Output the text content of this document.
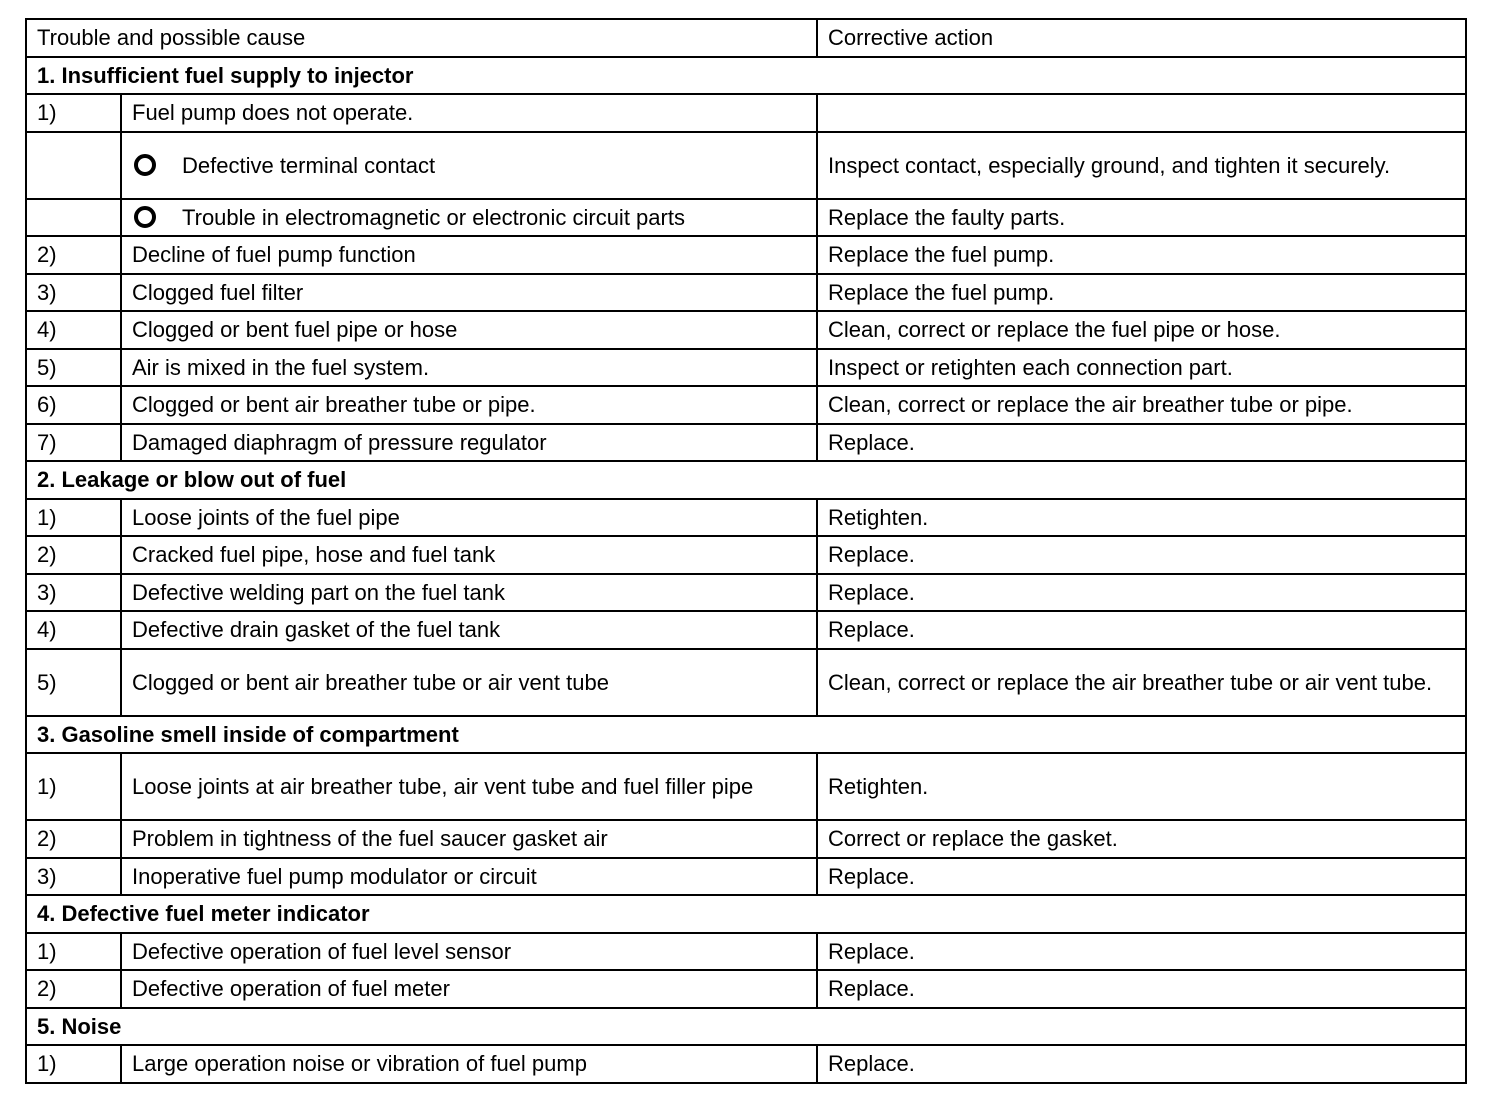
Trouble and possible cause		Corrective action
1. Insufficient fuel supply to injector		
1)	Fuel pump does not operate.	
	Defective terminal contact	Inspect contact, especially ground, and tighten it securely.
	Trouble in electromagnetic or electronic circuit parts	Replace the faulty parts.
2)	Decline of fuel pump function	Replace the fuel pump.
3)	Clogged fuel filter	Replace the fuel pump.
4)	Clogged or bent fuel pipe or hose	Clean, correct or replace the fuel pipe or hose.
5)	Air is mixed in the fuel system.	Inspect or retighten each connection part.
6)	Clogged or bent air breather tube or pipe.	Clean, correct or replace the air breather tube or pipe.
7)	Damaged diaphragm of pressure regulator	Replace.
2. Leakage or blow out of fuel		
1)	Loose joints of the fuel pipe	Retighten.
2)	Cracked fuel pipe, hose and fuel tank	Replace.
3)	Defective welding part on the fuel tank	Replace.
4)	Defective drain gasket of the fuel tank	Replace.
5)	Clogged or bent air breather tube or air vent tube	Clean, correct or replace the air breather tube or air vent tube.
3. Gasoline smell inside of compartment		
1)	Loose joints at air breather tube, air vent tube and fuel filler pipe	Retighten.
2)	Problem in tightness of the fuel saucer gasket air	Correct or replace the gasket.
3)	Inoperative fuel pump modulator or circuit	Replace.
4. Defective fuel meter indicator		
1)	Defective operation of fuel level sensor	Replace.
2)	Defective operation of fuel meter	Replace.
5. Noise		
1)	Large operation noise or vibration of fuel pump	Replace.
